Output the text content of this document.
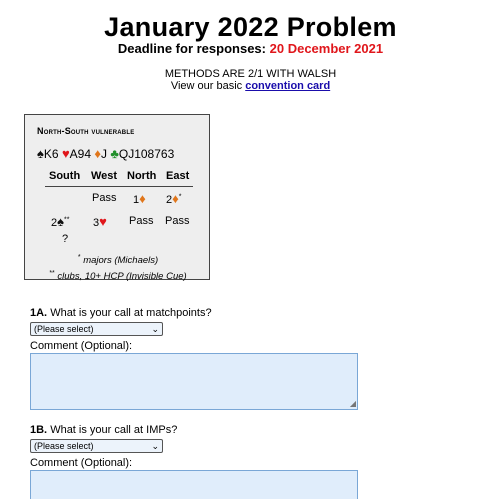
January 2022 Problem
Deadline for responses: 20 December 2021
METHODS ARE 2/1 WITH WALSH
View our basic convention card
North-South vulnerable
♠K6 ♥A94 ♦J ♣QJ108763
South West North East
Pass 1♦ 2♦*
2♠** 3♥ Pass Pass
?
* majors (Michaels)
** clubs, 10+ HCP (Invisible Cue)
1A. What is your call at matchpoints?
(Please select)	⌄
Comment (Optional):
◢
1B. What is your call at IMPs?
(Please select)	⌄
Comment (Optional):
